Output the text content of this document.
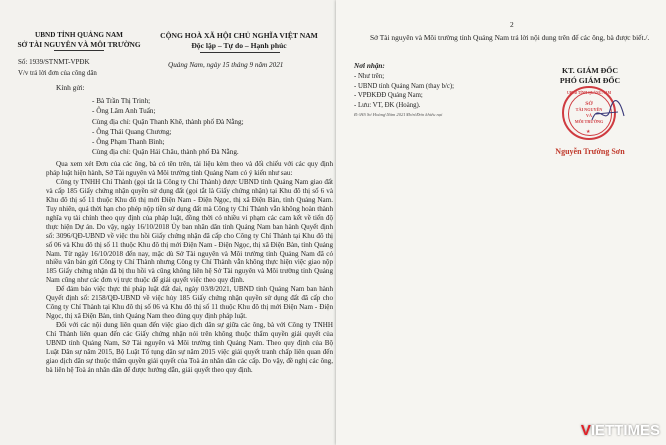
UBND TỈNH QUẢNG NAM
SỞ TÀI NGUYÊN VÀ MÔI TRƯỜNG
CỘNG HOÀ XÃ HỘI CHỦ NGHĨA VIỆT NAM
Độc lập – Tự do – Hạnh phúc
Số: 1939/STNMT-VPĐK	Quảng Nam, ngày 15 tháng 9 năm 2021
V/v trả lời đơn của công dân
Kính gửi:
- Bà Trần Thị Trinh;
- Ông Lâm Anh Tuấn;
Cùng địa chỉ: Quận Thanh Khê, thành phố Đà Nẵng;
- Ông Thái Quang Chương;
- Ông Phạm Thanh Bình;
Cùng địa chỉ: Quận Hải Châu, thành phố Đà Nẵng.

Qua xem xét Đơn của các ông, bà có tên trên, tài liệu kèm theo và đối chiếu với các quy định pháp luật hiện hành, Sở Tài nguyên và Môi trường tỉnh Quảng Nam có ý kiến như sau:

Công ty TNHH Chí Thành (gọi tắt là Công ty Chí Thành) được UBND tỉnh Quảng Nam giao đất và cấp 185 Giấy chứng nhận quyền sử dụng đất (gọi tắt là Giấy chứng nhận) tại Khu đô thị số 6 và Khu đô thị số 11 thuộc Khu đô thị mới Điện Nam - Điện Ngọc, thị xã Điện Bàn, tỉnh Quảng Nam. Tuy nhiên, quá thời hạn cho phép nộp tiền sử dụng đất mà Công ty Chí Thành vẫn không hoàn thành nghĩa vụ tài chính theo quy định của pháp luật, đồng thời có nhiều vi phạm các cam kết về tiến độ thực hiện Dự án. Do vậy, ngày 16/10/2018 Ủy ban nhân dân tỉnh Quảng Nam ban hành Quyết định số: 3096/QĐ-UBND về việc thu hồi Giấy chứng nhận đã cấp cho Công ty Chí Thành tại Khu đô thị số 06 và Khu đô thị số 11 thuộc Khu đô thị mới Điện Nam - Điện Ngọc, thị xã Điện Bàn, tỉnh Quảng Nam. Từ ngày 16/10/2018 đến nay, mặc dù Sở Tài nguyên và Môi trường tỉnh Quảng Nam đã có nhiều văn bản gửi Công ty Chí Thành nhưng Công ty Chí Thành vẫn không thực hiện việc giao nộp 185 Giấy chứng nhận đã bị thu hồi và cũng không liên hệ Sở Tài nguyên và Môi trường tỉnh Quảng Nam cũng như các đơn vị trực thuộc để giải quyết việc theo quy định.

Để đảm bảo việc thực thi pháp luật đất đai, ngày 03/8/2021, UBND tỉnh Quảng Nam ban hành Quyết định số: 2158/QĐ-UBND về việc hủy 185 Giấy chứng nhận quyền sử dụng đất đã cấp cho Công ty Chí Thành tại Khu đô thị số 06 và Khu đô thị số 11 thuộc Khu đô thị mới Điện Nam - Điện Ngọc, thị xã Điện Bàn, tỉnh Quảng Nam theo đúng quy định pháp luật.

Đối với các nội dung liên quan đến việc giao dịch dân sự giữa các ông, bà với Công ty TNHH Chí Thành liên quan đến các Giấy chứng nhận nói trên không thuộc thẩm quyền giải quyết của UBND tỉnh Quảng Nam, Sở Tài nguyên và Môi trường tỉnh Quảng Nam. Theo quy định của Bộ Luật Dân sự năm 2015, Bộ Luật Tố tụng dân sự năm 2015 việc giải quyết tranh chấp liên quan đến giao dịch dân sự thuộc thẩm quyền giải quyết của Toà án nhân dân các cấp. Do vậy, đề nghị các ông, bà liên hệ Toà án nhân dân để được hướng dẫn, giải quyết theo quy định.

2
Sở Tài nguyên và Môi trường tỉnh Quảng Nam trả lời nội dung trên để các ông, bà được biết./.
Nơi nhận:
- Như trên;
- UBND tỉnh Quảng Nam (thay b/c);
- VPĐKĐĐ Quảng Nam;
- Lưu: VT, ĐK (Hoàng).
Đ:\Hồ Sơ Hoàng\Năm 2021\Đơn\Đơn khiếu nại
KT. GIÁM ĐỐC
PHÓ GIÁM ĐỐC
UBND TỈNH QUẢNG NAM
SỞ
TÀI NGUYÊN
VÀ
MÔI TRƯỜNG
★
Nguyễn Trường Sơn
VIETTIMES
